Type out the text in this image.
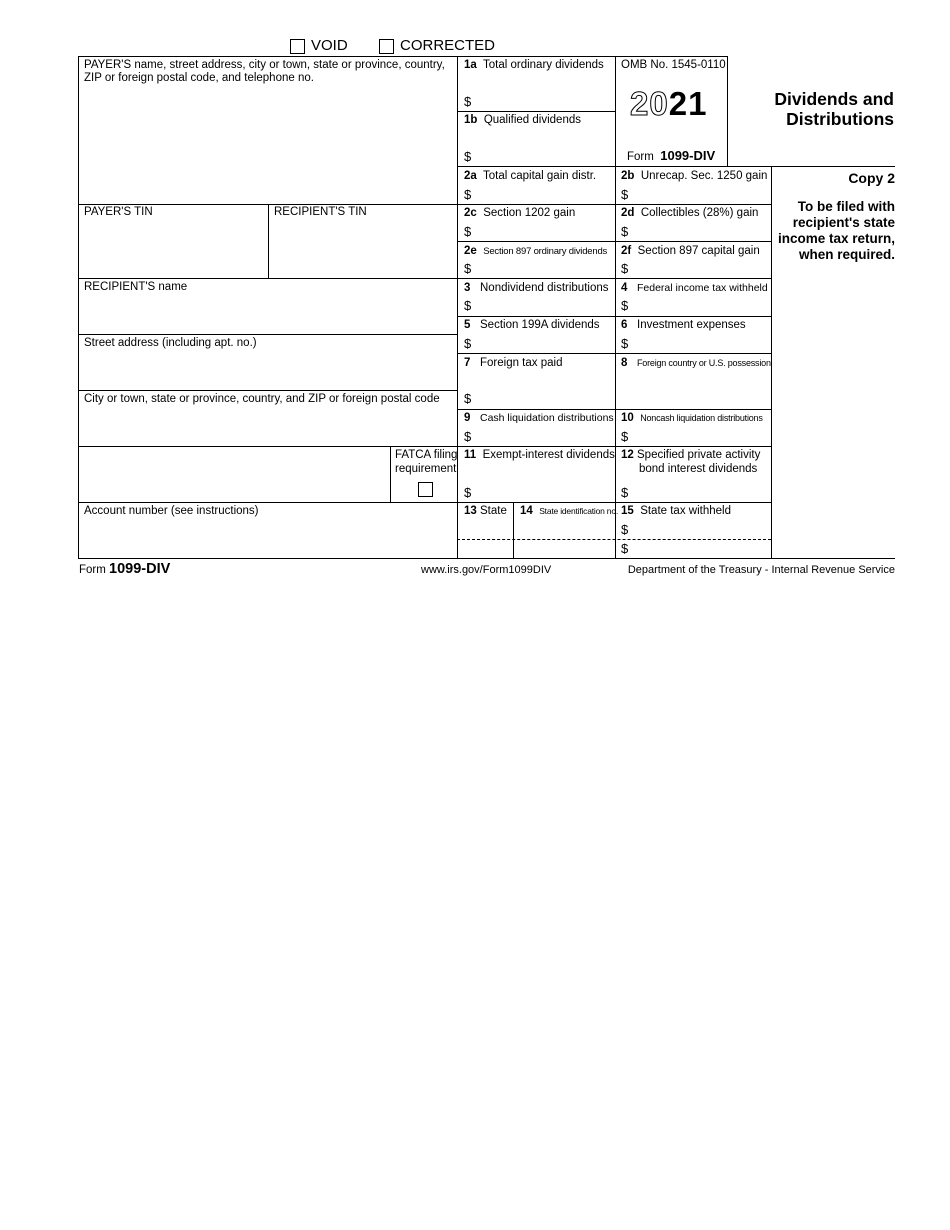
VOID	CORRECTED
PAYER'S name, street address, city or town, state or province, country, ZIP or foreign postal code, and telephone no.
PAYER'S TIN	RECIPIENT'S TIN
RECIPIENT'S name
Street address (including apt. no.)
City or town, state or province, country, and ZIP or foreign postal code
FATCA filing
requirement
Account number (see instructions)
1a Total ordinary dividends
$
1b Qualified dividends
$
OMB No. 1545-0110
2021
Form 1099-DIV
Dividends and
Distributions
Copy 2
To be filed with
recipient's state
income tax return,
when required.
2a Total capital gain distr.
$
2b Unrecap. Sec. 1250 gain
$
2c Section 1202 gain
$
2d Collectibles (28%) gain
$
2e Section 897 ordinary dividends
$
2f Section 897 capital gain
$
3 Nondividend distributions
$
4 Federal income tax withheld
$
5 Section 199A dividends
$
6 Investment expenses
$
7 Foreign tax paid
$
8 Foreign country or U.S. possession
9 Cash liquidation distributions
$
10 Noncash liquidation distributions
$
11 Exempt-interest dividends
$
12 Specified private activity
bond interest dividends
$
13 State 14 State identification no. 15 State tax withheld
$
$
Form 1099-DIV	www.irs.gov/Form1099DIV	Department of the Treasury - Internal Revenue Service
